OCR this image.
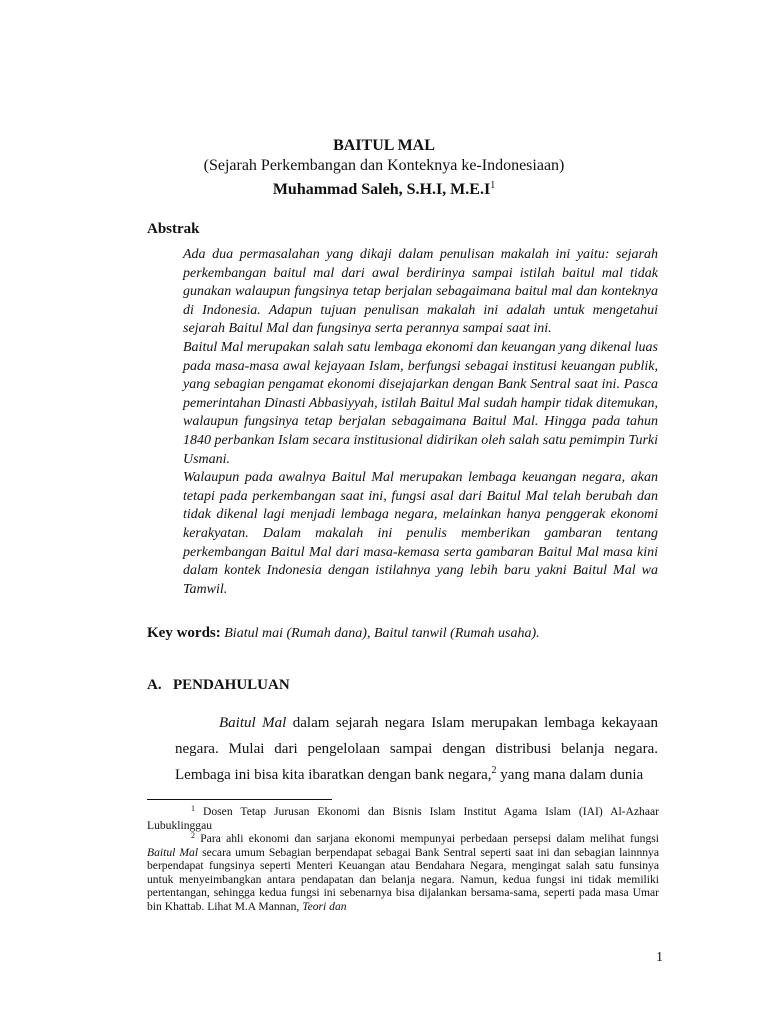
BAITUL MAL
(Sejarah Perkembangan dan Konteknya ke-Indonesiaan)
Muhammad Saleh, S.H.I, $M.E.I^1$
Abstrak

Ada dua permasalahan yang dikaji dalam penulisan makalah ini yaitu: sejarah perkembangan baitul mal dari awal berdirinya sampai istilah baitul mal tidak gunakan walaupun fungsinya tetap berjalan sebagaimana baitul mal dan konteknya di Indonesia. Adapun tujuan penulisan makalah ini adalah untuk mengetahui sejarah Baitul Mal dan fungsinya serta perannya sampai saat ini.

Baitul Mal merupakan salah satu lembaga ekonomi dan keuangan yang dikenal luas pada masa-masa awal kejayaan Islam, berfungsi sebagai institusi keuangan publik, yang sebagian pengamat ekonomi disejajarkan dengan Bank Sentral saat ini. Pasca pemerintahan Dinasti Abbasiyyah, istilah Baitul Mal sudah hampir tidak ditemukan, walaupun fungsinya tetap berjalan sebagaimana Baitul Mal. Hingga pada tahun 1840 perbankan Islam secara institusional didirikan oleh salah satu pemimpin Turki Usmani.

Walaupun pada awalnya Baitul Mal merupakan lembaga keuangan negara, akan tetapi pada perkembangan saat ini, fungsi asal dari Baitul Mal telah berubah dan tidak dikenal lagi menjadi lembaga negara, melainkan hanya penggerak ekonomi kerakyatan. Dalam makalah ini penulis memberikan gambaran tentang perkembangan Baitul Mal dari masa-kemasa serta gambaran Baitul Mal masa kini dalam kontek Indonesia dengan istilahnya yang lebih baru yakni Baitul Mal wa Tamwil.

Key words: Biatul mai (Rumah dana), Baitul tanwil (Rumah usaha).
A. PENDAHULUAN

Baitul Mal dalam sejarah negara Islam merupakan lembaga kekayaan negara. Mulai dari pengelolaan sampai dengan distribusi belanja negara. Lembaga ini bisa kita ibaratkan dengan bank negara,$^2$ yang mana dalam dunia

$^1$ Dosen Tetap Jurusan Ekonomi dan Bisnis Islam Institut Agama Islam (IAI) Al-Azhaar Lubuklinggau

$^2$ Para ahli ekonomi dan sarjana ekonomi mempunyai perbedaan persepsi dalam melihat fungsi Baitul Mal secara umum Sebagian berpendapat sebagai Bank Sentral seperti saat ini dan sebagian lainnnya berpendapat fungsinya seperti Menteri Keuangan atau Bendahara Negara, mengingat salah satu funsinya untuk menyeimbangkan antara pendapatan dan belanja negara. Namun, kedua fungsi ini tidak memiliki pertentangan, sehingga kedua fungsi ini sebenarnya bisa dijalankan bersama-sama, seperti pada masa Umar bin Khattab. Lihat M.A Mannan, Teori dan

1
